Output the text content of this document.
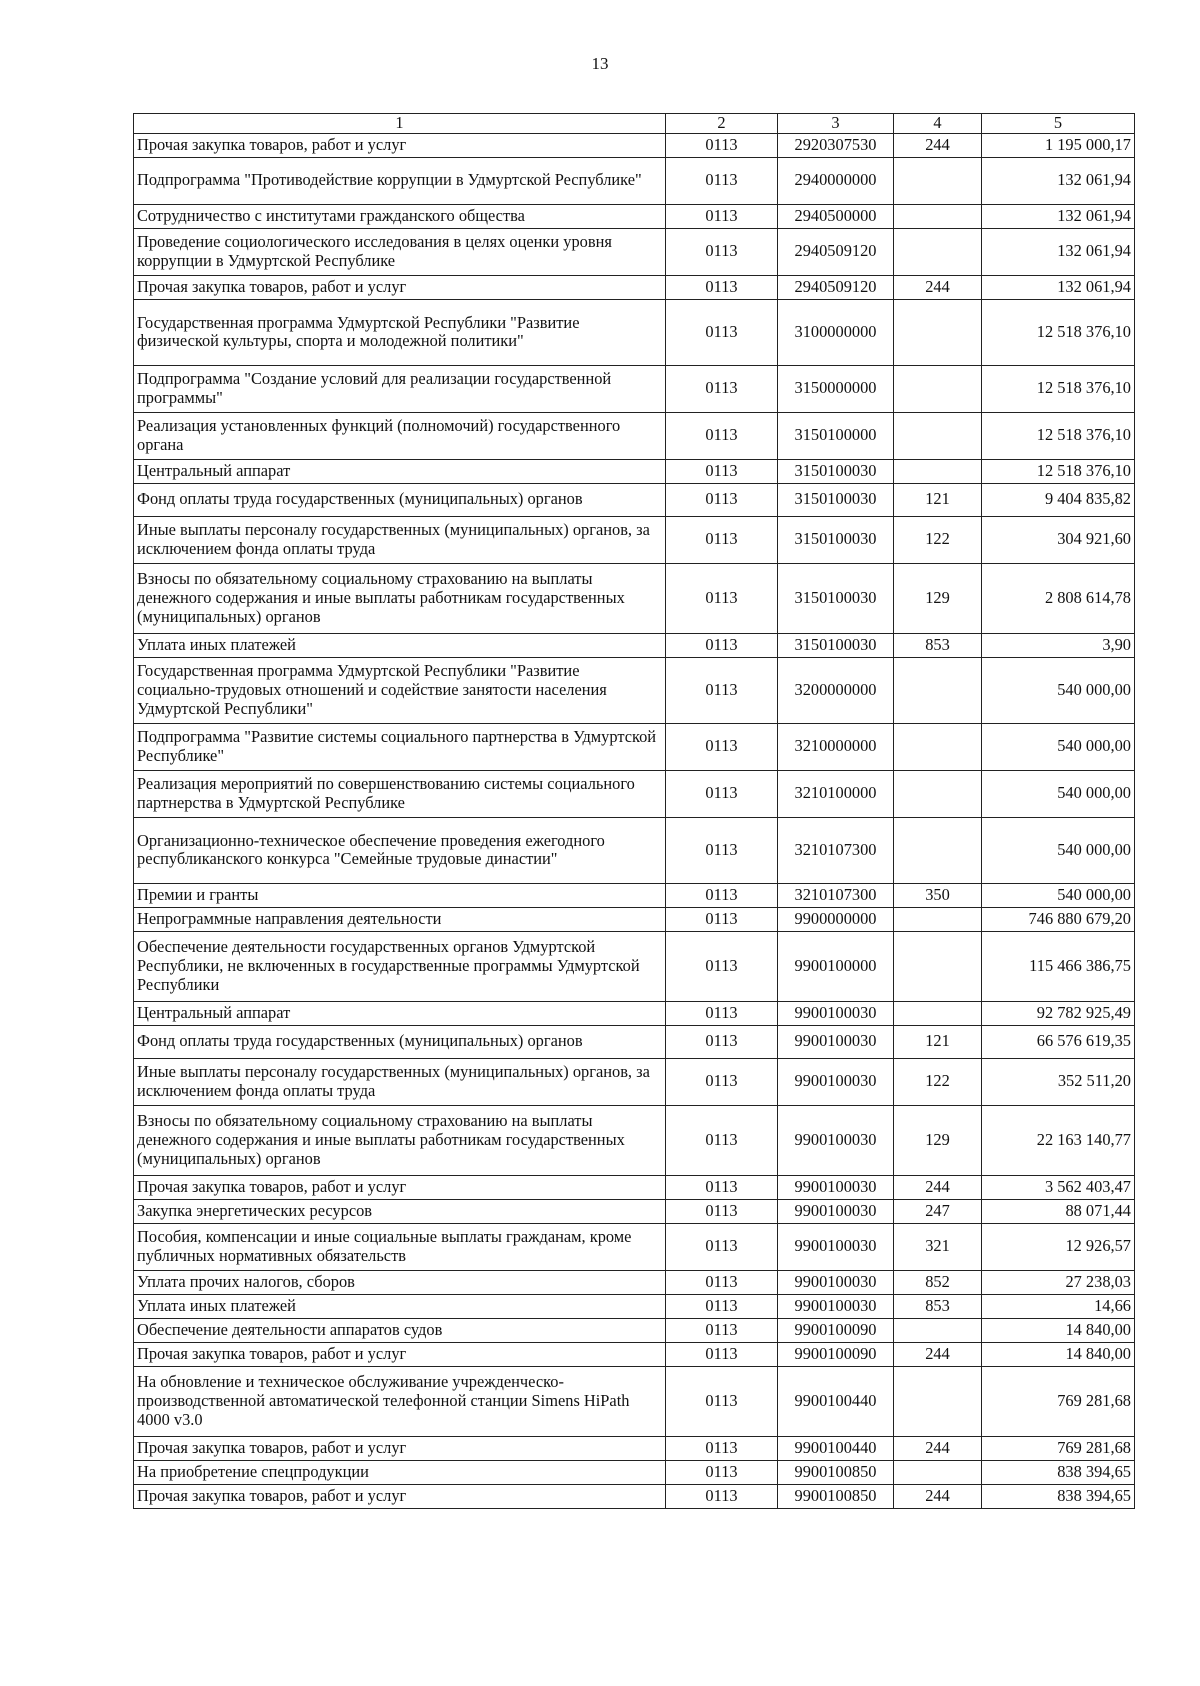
13
1	2	3	4	5
Прочая закупка товаров, работ и услуг	0113	2920307530	244	1 195 000,17
Подпрограмма "Противодействие коррупции в Удмуртской Республике"	0113	2940000000		132 061,94
Сотрудничество с институтами гражданского общества	0113	2940500000		132 061,94
Проведение социологического исследования в целях оценки уровня коррупции в Удмуртской Республике	0113	2940509120		132 061,94
Прочая закупка товаров, работ и услуг	0113	2940509120	244	132 061,94
Государственная программа Удмуртской Республики "Развитие физической культуры, спорта и молодежной политики"	0113	3100000000		12 518 376,10
Подпрограмма "Создание условий для реализации государственной программы"	0113	3150000000		12 518 376,10
Реализация установленных функций (полномочий) государственного органа	0113	3150100000		12 518 376,10
Центральный аппарат	0113	3150100030		12 518 376,10
Фонд оплаты труда государственных (муниципальных) органов	0113	3150100030	121	9 404 835,82
Иные выплаты персоналу государственных (муниципальных) органов, за исключением фонда оплаты труда	0113	3150100030	122	304 921,60
Взносы по обязательному социальному страхованию на выплаты денежного содержания и иные выплаты работникам государственных (муниципальных) органов	0113	3150100030	129	2 808 614,78
Уплата иных платежей	0113	3150100030	853	3,90
Государственная программа Удмуртской Республики "Развитие социально-трудовых отношений и содействие занятости населения Удмуртской Республики"	0113	3200000000		540 000,00
Подпрограмма "Развитие системы социального партнерства в Удмуртской Республике"	0113	3210000000		540 000,00
Реализация мероприятий по совершенствованию системы социального партнерства в Удмуртской Республике	0113	3210100000		540 000,00
Организационно-техническое обеспечение проведения ежегодного республиканского конкурса "Семейные трудовые династии"	0113	3210107300		540 000,00
Премии и гранты	0113	3210107300	350	540 000,00
Непрограммные направления деятельности	0113	9900000000		746 880 679,20
Обеспечение деятельности государственных органов Удмуртской Республики, не включенных в государственные программы Удмуртской Республики	0113	9900100000		115 466 386,75
Центральный аппарат	0113	9900100030		92 782 925,49
Фонд оплаты труда государственных (муниципальных) органов	0113	9900100030	121	66 576 619,35
Иные выплаты персоналу государственных (муниципальных) органов, за исключением фонда оплаты труда	0113	9900100030	122	352 511,20
Взносы по обязательному социальному страхованию на выплаты денежного содержания и иные выплаты работникам государственных (муниципальных) органов	0113	9900100030	129	22 163 140,77
Прочая закупка товаров, работ и услуг	0113	9900100030	244	3 562 403,47
Закупка энергетических ресурсов	0113	9900100030	247	88 071,44
Пособия, компенсации и иные социальные выплаты гражданам, кроме публичных нормативных обязательств	0113	9900100030	321	12 926,57
Уплата прочих налогов, сборов	0113	9900100030	852	27 238,03
Уплата иных платежей	0113	9900100030	853	14,66
Обеспечение деятельности аппаратов судов	0113	9900100090		14 840,00
Прочая закупка товаров, работ и услуг	0113	9900100090	244	14 840,00
На обновление и техническое обслуживание учрежденческо-производственной автоматической телефонной станции Simens HiPath 4000 v3.0	0113	9900100440		769 281,68
Прочая закупка товаров, работ и услуг	0113	9900100440	244	769 281,68
На приобретение спецпродукции	0113	9900100850		838 394,65
Прочая закупка товаров, работ и услуг	0113	9900100850	244	838 394,65
